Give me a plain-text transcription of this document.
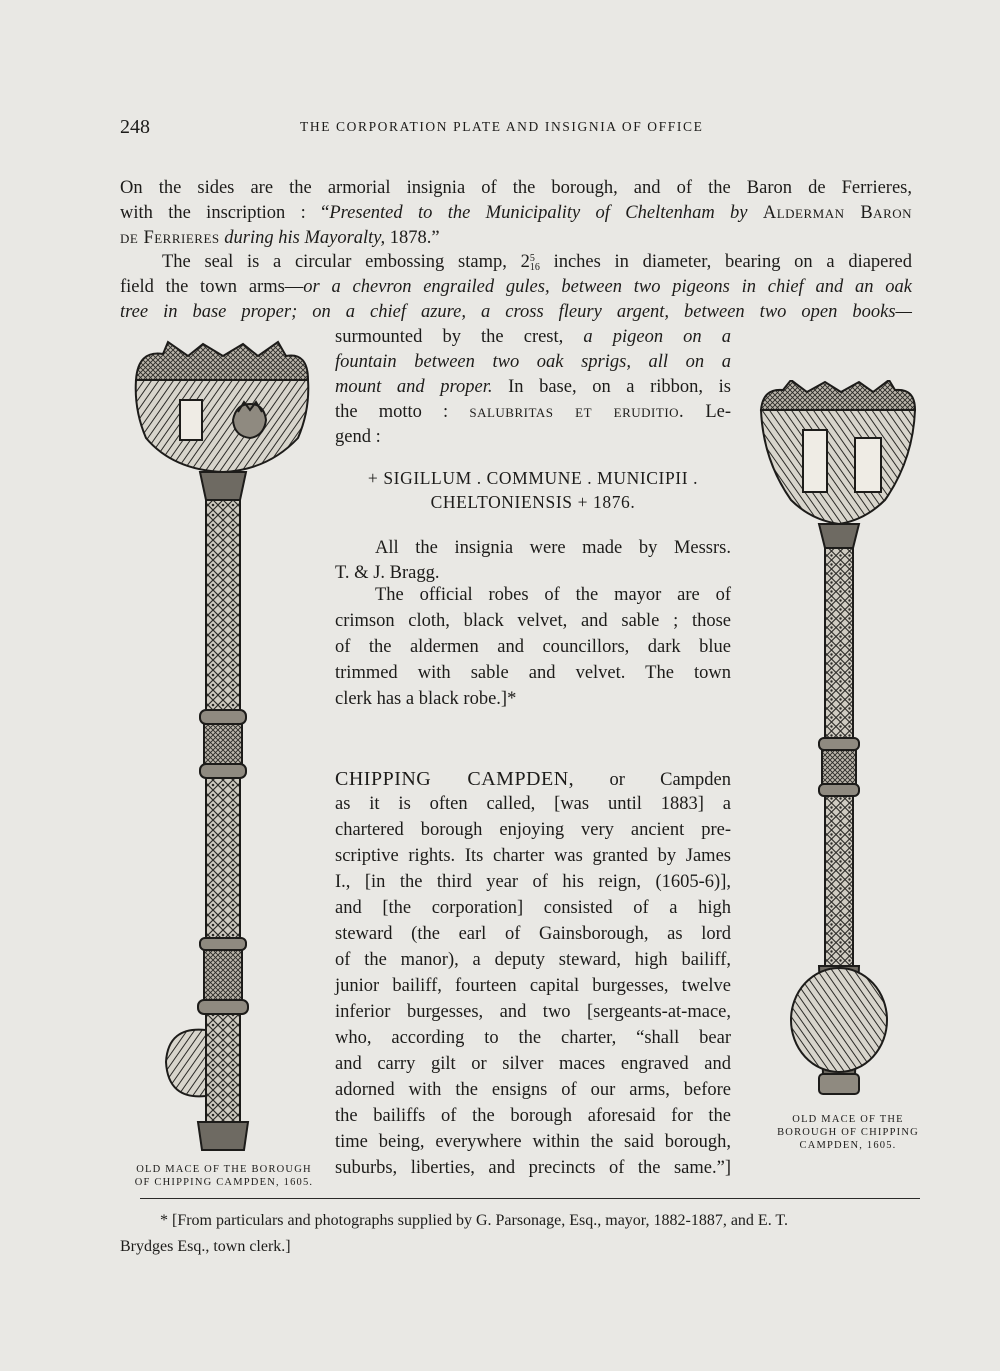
248	THE CORPORATION PLATE AND INSIGNIA OF OFFICE
On the sides are the armorial insignia of the borough, and of the Baron de Ferrieres,
with the inscription : “Presented to the Municipality of Cheltenham by Alderman Baron
de Ferrieres during his Mayoralty, 1878.”
The seal is a circular embossing stamp, 25
16 inches in diameter, bearing on a diapered
field the town arms—or a chevron engrailed gules, between two pigeons in chief and an oak
tree in base proper; on a chief azure, a cross fleury argent, between two open books—
surmounted by the crest, a pigeon on a
fountain between two oak sprigs, all on a
mount and proper. In base, on a ribbon, is
the motto : salubritas et eruditio. Le-
gend :
+ SIGILLUM . COMMUNE . MUNICIPII .
CHELTONIENSIS + 1876.
All the insignia were made by Messrs.
T. & J. Bragg.
The official robes of the mayor are of
crimson cloth, black velvet, and sable ; those
of the aldermen and councillors, dark blue
trimmed with sable and velvet. The town
clerk has a black robe.]*
CHIPPING CAMPDEN, or Campden
as it is often called, [was until 1883] a
chartered borough enjoying very ancient pre-
scriptive rights. Its charter was granted by James
I., [in the third year of his reign, (1605-6)],
and [the corporation] consisted of a high
steward (the earl of Gainsborough, as lord
of the manor), a deputy steward, high bailiff,
junior bailiff, fourteen capital burgesses, twelve
inferior burgesses, and two [sergeants-at-mace,
who, according to the charter, “shall bear
and carry gilt or silver maces engraved and
adorned with the ensigns of our arms, before
the bailiffs of the borough aforesaid for the
time being, everywhere within the said borough,
suburbs, liberties, and precincts of the same.”]
OLD MACE OF THE BOROUGH
OF CHIPPING CAMPDEN, 1605.
OLD MACE OF THE
BOROUGH OF CHIPPING
CAMPDEN, 1605.
* [From particulars and photographs supplied by G. Parsonage, Esq., mayor, 1882-1887, and E. T.
Brydges Esq., town clerk.]
